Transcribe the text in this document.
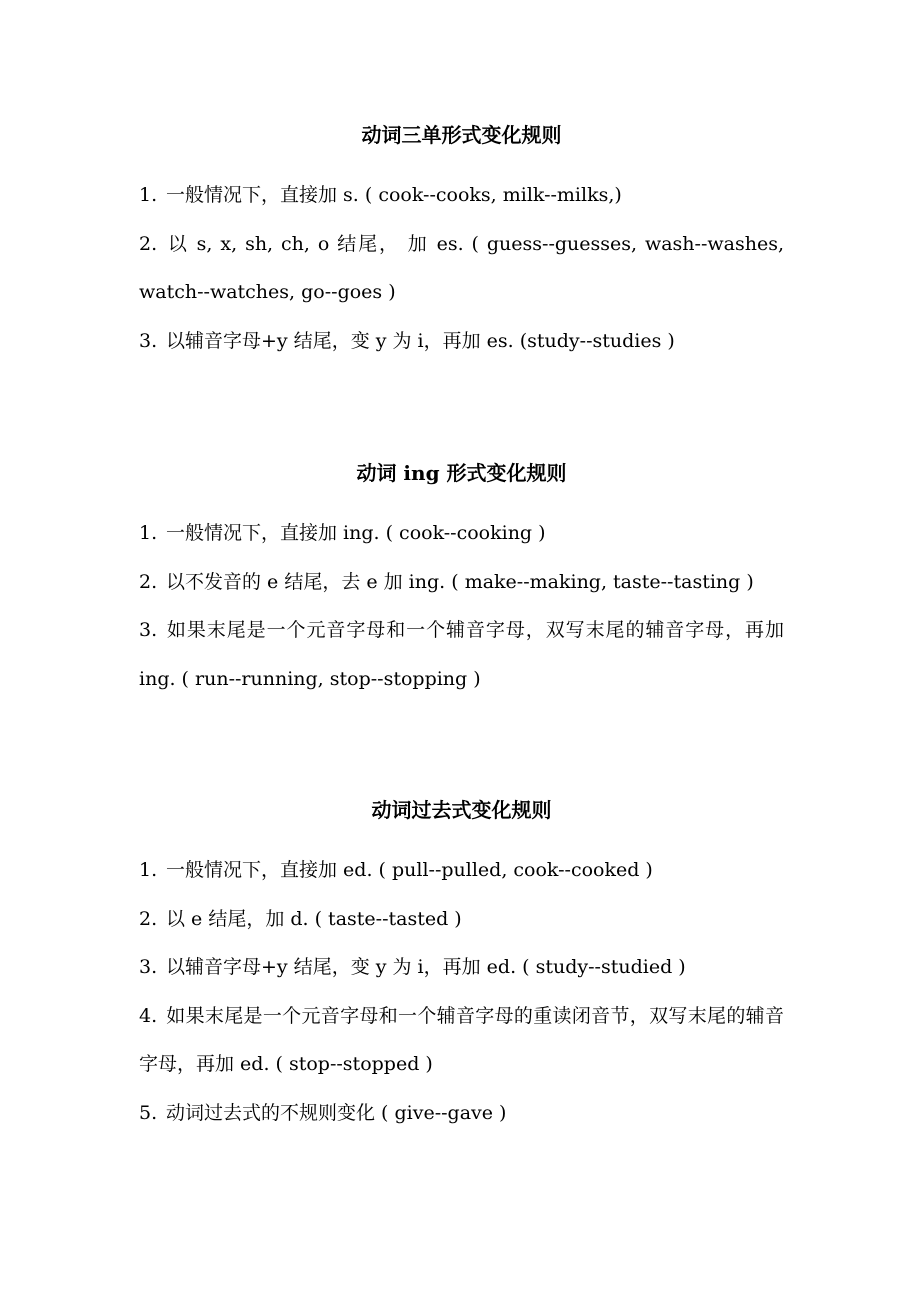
动词三单形式变化规则

1. 一般情况下，直接加 s. ( cook--cooks, milk--milks,)

2. 以 s, x, sh, ch, o 结尾， 加 es. ( guess--guesses, wash--washes, watch--watches, go--goes )

3. 以辅音字母+y 结尾，变 y 为 i，再加 es. (study--studies )

动词 ing 形式变化规则

1. 一般情况下，直接加 ing. ( cook--cooking )

2. 以不发音的 e 结尾，去 e 加 ing. ( make--making, taste--tasting )

3. 如果末尾是一个元音字母和一个辅音字母，双写末尾的辅音字母，再加 ing. ( run--running, stop--stopping )

动词过去式变化规则

1. 一般情况下，直接加 ed. ( pull--pulled, cook--cooked )

2. 以 e 结尾，加 d. ( taste--tasted )

3. 以辅音字母+y 结尾，变 y 为 i，再加 ed. ( study--studied )

4. 如果末尾是一个元音字母和一个辅音字母的重读闭音节，双写末尾的辅音字母，再加 ed. ( stop--stopped )

5. 动词过去式的不规则变化 ( give--gave )
